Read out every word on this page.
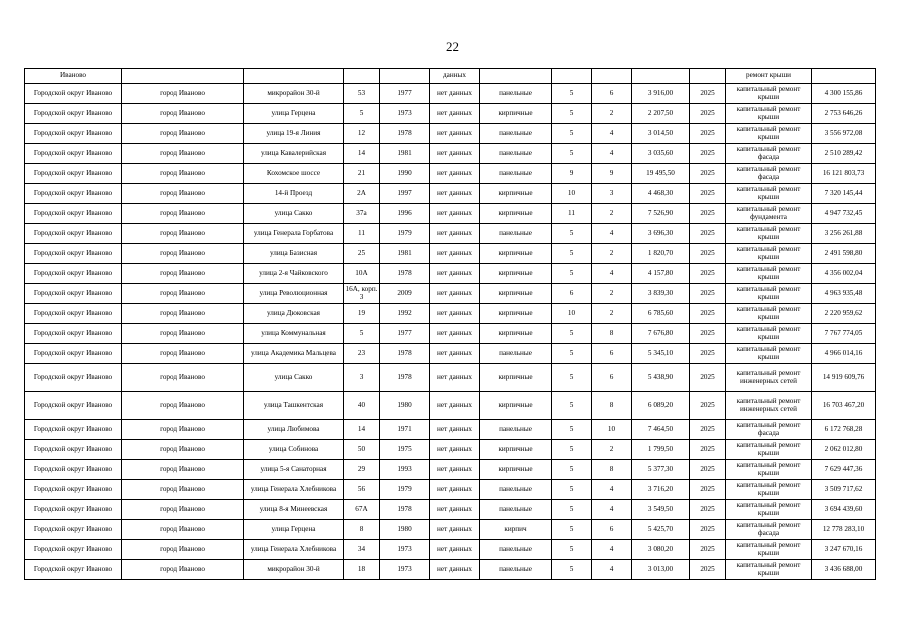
22
Иваново					данных						ремонт крыши	
Городской округ Иваново	город Иваново	микрорайон 30-й	53	1977	нет данных	панельные	5	6	3 916,00	2025	капитальный ремонт крыши	4 300 155,86
Городской округ Иваново	город Иваново	улица Герцена	5	1973	нет данных	кирпичные	5	2	2 207,50	2025	капитальный ремонт крыши	2 753 646,26
Городской округ Иваново	город Иваново	улица 19-я Линия	12	1978	нет данных	панельные	5	4	3 014,50	2025	капитальный ремонт крыши	3 556 972,08
Городской округ Иваново	город Иваново	улица Кавалерийская	14	1981	нет данных	панельные	5	4	3 035,60	2025	капитальный ремонт фасада	2 510 289,42
Городской округ Иваново	город Иваново	Кохомское шоссе	21	1990	нет данных	панельные	9	9	19 495,50	2025	капитальный ремонт фасада	16 121 803,73
Городской округ Иваново	город Иваново	14-й Проезд	2А	1997	нет данных	кирпичные	10	3	4 468,30	2025	капитальный ремонт крыши	7 320 145,44
Городской округ Иваново	город Иваново	улица Сакко	37а	1996	нет данных	кирпичные	11	2	7 526,90	2025	капитальный ремонт фундамента	4 947 732,45
Городской округ Иваново	город Иваново	улица Генерала Горбатова	11	1979	нет данных	панельные	5	4	3 696,30	2025	капитальный ремонт крыши	3 256 261,88
Городской округ Иваново	город Иваново	улица Базисная	25	1981	нет данных	кирпичные	5	2	1 820,70	2025	капитальный ремонт крыши	2 491 598,80
Городской округ Иваново	город Иваново	улица 2-я Чайковского	10А	1978	нет данных	кирпичные	5	4	4 157,80	2025	капитальный ремонт крыши	4 356 002,04
Городской округ Иваново	город Иваново	улица Революционная	16А, корп. 3	2009	нет данных	кирпичные	6	2	3 839,30	2025	капитальный ремонт крыши	4 963 935,48
Городской округ Иваново	город Иваново	улица Дюковская	19	1992	нет данных	кирпичные	10	2	6 785,60	2025	капитальный ремонт крыши	2 220 959,62
Городской округ Иваново	город Иваново	улица Коммунальная	5	1977	нет данных	кирпичные	5	8	7 676,80	2025	капитальный ремонт крыши	7 767 774,05
Городской округ Иваново	город Иваново	улица Академика Мальцева	23	1978	нет данных	панельные	5	6	5 345,10	2025	капитальный ремонт крыши	4 966 014,16
Городской округ Иваново	город Иваново	улица Сакко	3	1978	нет данных	кирпичные	5	6	5 438,90	2025	капитальный ремонт инженерных сетей	14 919 609,76
Городской округ Иваново	город Иваново	улица Ташкентская	40	1980	нет данных	кирпичные	5	8	6 089,20	2025	капитальный ремонт инженерных сетей	16 703 467,20
Городской округ Иваново	город Иваново	улица Любимова	14	1971	нет данных	панельные	5	10	7 464,50	2025	капитальный ремонт фасада	6 172 768,28
Городской округ Иваново	город Иваново	улица Собинова	50	1975	нет данных	кирпичные	5	2	1 799,50	2025	капитальный ремонт крыши	2 062 012,80
Городской округ Иваново	город Иваново	улица 5-я Санаторная	29	1993	нет данных	кирпичные	5	8	5 377,30	2025	капитальный ремонт крыши	7 629 447,36
Городской округ Иваново	город Иваново	улица Генерала Хлебникова	56	1979	нет данных	панельные	5	4	3 716,20	2025	капитальный ремонт крыши	3 509 717,62
Городской округ Иваново	город Иваново	улица 8-я Минеевская	67А	1978	нет данных	панельные	5	4	3 549,50	2025	капитальный ремонт крыши	3 694 439,60
Городской округ Иваново	город Иваново	улица Герцена	8	1980	нет данных	кирпич	5	6	5 425,70	2025	капитальный ремонт фасада	12 778 283,10
Городской округ Иваново	город Иваново	улица Генерала Хлебникова	34	1973	нет данных	панельные	5	4	3 080,20	2025	капитальный ремонт крыши	3 247 670,16
Городской округ Иваново	город Иваново	микрорайон 30-й	18	1973	нет данных	панельные	5	4	3 013,00	2025	капитальный ремонт крыши	3 436 688,00
